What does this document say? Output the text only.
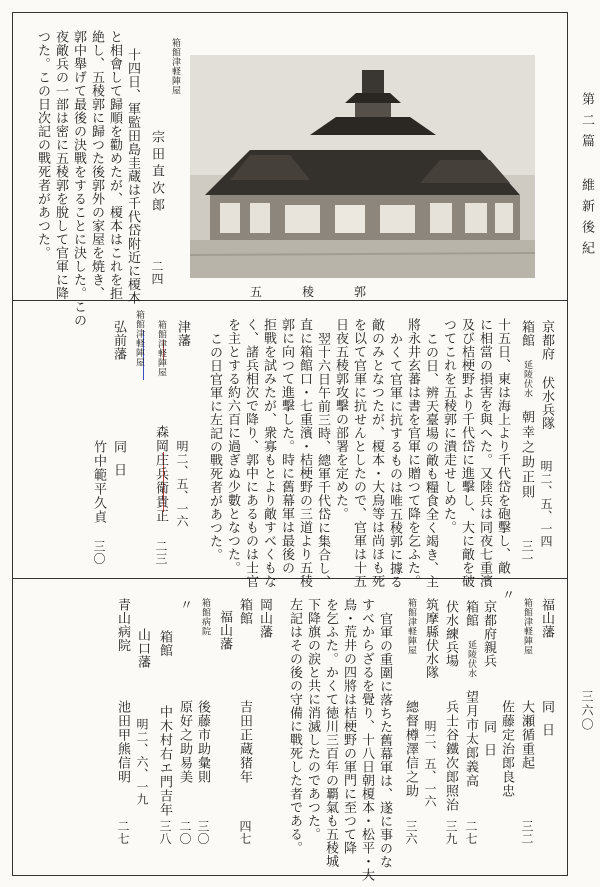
第二篇 維新後紀
三六〇
五稜郭
箱館津軽陣屋
宗田直次郎
二四
十四日、軍監田島圭蔵は千代岱附近に榎本
と相會して歸順を勸めたが、榎本はこれを拒
絶し、五稜郭に歸つた後郭外の家屋を焼き、
郭中舉げて最後の決戰をすることに決した。この
夜敵兵の一部は密に五稜郭を脫して官軍に降
つた。この日次記の戰死者があつた。
京都府 伏水兵隊
明二、五、一四
箱館
延陵伏水
朝幸之助正則
三一
十五日、東は海上より千代岱を砲擊し、敵
に相當の損害を與へた。又陸兵は同夜七重濱
及び桔梗野より千代岱に進擊し、大に敵を破
つてこれを五稜郭に潰走せしめた。
この日、辨天臺場の敵も糧食全く竭き、主
將永井玄蕃は書を官軍に贈つて降を乞ふた。
かくて官軍に抗するものは唯五稜郭に據る
敵のみとなつたが、榎本・大鳥等は尚ほも死
を以て官軍に抗せんとしたので、官軍は十五
日夜五稜郭攻擊の部署を定めた。
翌十六日午前三時、總軍千代岱に集合し、
直に箱館口・七重濱・桔梗野の三道より五稜
郭に向つて進擊した。時に舊幕軍は最後の
拒戰を試みたが、衆寡もとより敵すべくもな
く、諸兵相次で降り、郭中にあるものは士官
を主とする約六百に過ぎぬ少數となつた。
この日官軍に左記の戰死者があつた。
津藩
明二、五、一六
箱館津軽陣屋
森岡庄兵衛貴正
二三
箱館津軽陣屋
弘前藩
同日
竹中範平久貞
三〇
福山藩
同日
箱館津軽陣屋
大瀬循重起
三二
〃
佐藤定治郎良忠
京都府親兵
同日
箱館
延陵伏水
望月市太郎義高
二七
伏水練兵場
兵士谷鐵次郎照治
三九
筑摩縣伏水隊
明二、五、一六
箱館津軽陣屋
總督樽澤信之助
三六
官軍の重圍に落ちた舊幕軍は、遂に事のな
すべからざるを覺り、十八日朝榎本・松平・大
鳥・荒井の四將は桔梗野の軍門に至つて降
を乞ふた。かくて徳川三百年の覇氣も五稜城
下降旗の涙と共に消滅したのであつた。
左記はその後の守備に戰死した者である。
岡山藩
箱館
吉田正蔵猪年
四七
福山藩
箱館病院
後藤市助彙則
三〇
〃
原好之助易美
二〇
箱館
中木村右エ門吉年
三八
山口藩
明二、六、一九
青山病院
池田甲熊信明
二七
